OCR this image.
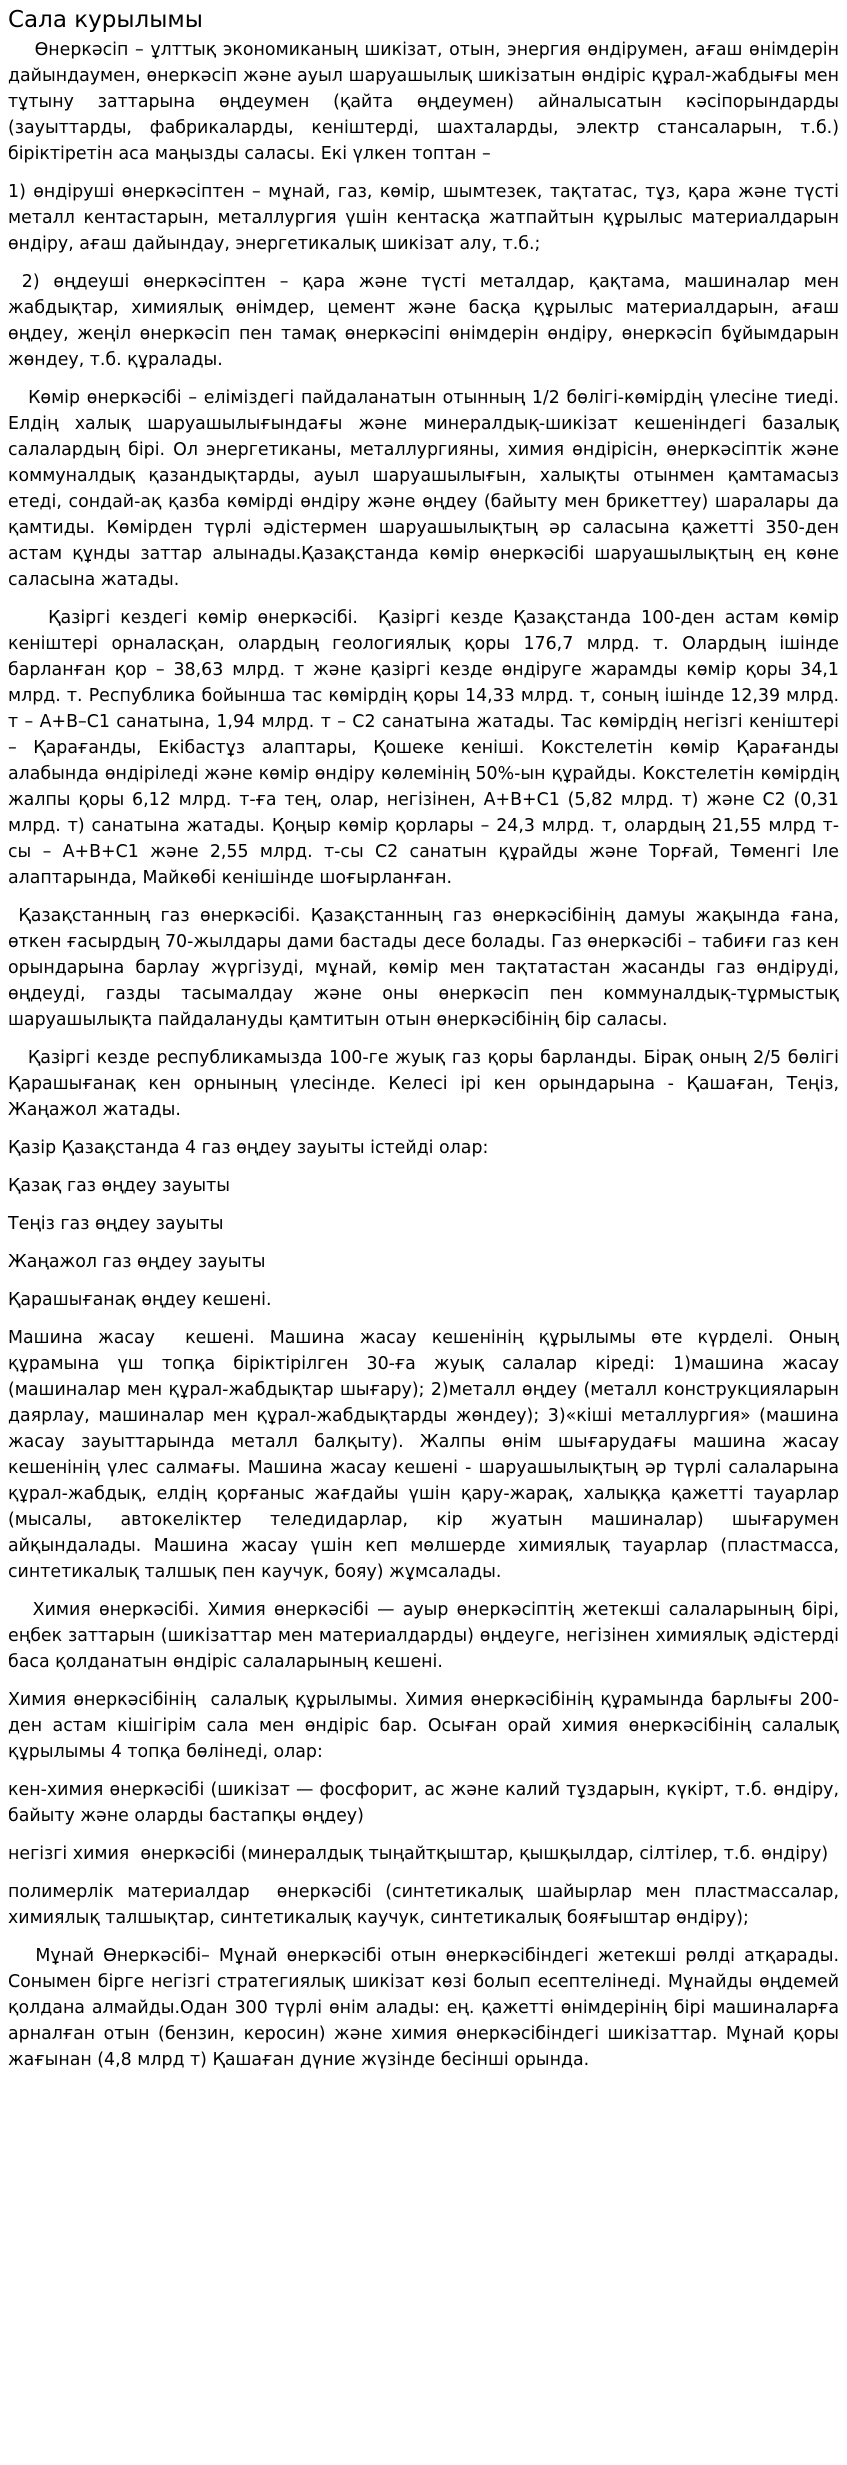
Сала курылымы

Өнеркәсіп – ұлттық экономиканың шикізат, отын, энергия өндірумен, ағаш өнімдерін дайындаумен, өнеркәсіп және ауыл шаруашылық шикізатын өндіріс құрал-жабдығы мен тұтыну заттарына өңдеумен (қайта өңдеумен) айналысатын кәсіпорындарды (зауыттарды, фабрикаларды, кеніштерді, шахталарды, электр стансаларын, т.б.) біріктіретін аса маңызды саласы. Екі үлкен топтан –

1) өндіруші өнеркәсіптен – мұнай, газ, көмір, шымтезек, тақтатас, тұз, қара және түсті металл кентастарын, металлургия үшін кентасқа жатпайтын құрылыс материалдарын өндіру, ағаш дайындау, энергетикалық шикізат алу, т.б.;

2) өңдеуші өнеркәсіптен – қара және түсті металдар, қақтама, машиналар мен жабдықтар, химиялық өнімдер, цемент және басқа құрылыс материалдарын, ағаш өңдеу, жеңіл өнеркәсіп пен тамақ өнеркәсіпі өнімдерін өндіру, өнеркәсіп бұйымдарын жөндеу, т.б. құралады.

Көмір өнеркәсібі – еліміздегі пайдаланатын отынның 1/2 бөлігі-көмірдің үлесіне тиеді. Елдің халық шаруашылығындағы және минералдық-шикізат кешеніндегі базалық салалардың бірі. Ол энергетиканы, металлургияны, химия өндірісін, өнеркәсіптік және коммуналдық қазандықтарды, ауыл шаруашылығын, халықты отынмен қамтамасыз етеді, сондай-ақ қазба көмірді өндіру және өңдеу (байыту мен брикеттеу) шаралары да қамтиды. Көмірден түрлі әдістермен шаруашылықтың әр саласына қажетті 350-ден астам құнды заттар алынады.Қазақстанда көмір өнеркәсібі шаруашылықтың ең көне саласына жатады.

Қазіргі кездегі көмір өнеркәсібі.  Қазіргі кезде Қазақстанда 100-ден астам көмір кеніштері орналасқан, олардың геологиялық қоры 176,7 млрд. т. Олардың ішінде барланған қор – 38,63 млрд. т және қазіргі кезде өндіруге жарамды көмір қоры 34,1 млрд. т. Республика бойынша тас көмірдің қоры 14,33 млрд. т, соның ішінде 12,39 млрд. т – А+В–С1 санатына, 1,94 млрд. т – С2 санатына жатады. Тас көмірдің негізгі кеніштері – Қарағанды, Екібастұз алаптары, Қошеке кеніші. Кокстелетін көмір Қарағанды алабында өндіріледі және көмір өндіру көлемінің 50%-ын құрайды. Кокстелетін көмірдің жалпы қоры 6,12 млрд. т-ға тең, олар, негізінен, А+В+С1 (5,82 млрд. т) және С2 (0,31 млрд. т) санатына жатады. Қоңыр көмір қорлары – 24,3 млрд. т, олардың 21,55 млрд т-сы – А+В+С1 және 2,55 млрд. т-сы С2 санатын құрайды және Торғай, Төменгі Іле алаптарында, Майкөбі кенішінде шоғырланған.

Қазақстанның газ өнеркәсібі. Қазақстанның газ өнеркәсібінің дамуы жақында ғана, өткен ғасырдың 70-жылдары дами бастады десе болады. Газ өнеркәсібі – табиғи газ кен орындарына барлау жүргізуді, мұнай, көмір мен тақтатастан жасанды газ өндіруді, өңдеуді, газды тасымалдау және оны өнеркәсіп пен коммуналдық-тұрмыстық шаруашылықта пайдалануды қамтитын отын өнеркәсібінің бір саласы.

Қазіргі кезде республикамызда 100-ге жуық газ қоры барланды. Бірақ оның 2/5 бөлігі Қарашығанақ кен орнының үлесінде. Келесі ірі кен орындарына - Қашаған, Теңіз, Жаңажол жатады.

Қазір Қазақстанда 4 газ өңдеу зауыты істейді олар:

Қазақ газ өңдеу зауыты

Теңіз газ өңдеу зауыты

Жаңажол газ өңдеу зауыты

Қарашығанақ өңдеу кешені.

Машина жасау  кешені. Машина жасау кешенінің құрылымы өте күрделі. Оның құрамына үш топқа біріктірілген 30-ға жуық салалар кіреді: 1)машина жасау (машиналар мен құрал-жабдықтар шығару); 2)металл өңдеу (металл конструкцияларын даярлау, машиналар мен құрал-жабдықтарды жөндеу); 3)«кіші металлургия» (машина жасау зауыттарында металл балқыту). Жалпы өнім шығарудағы машина жасау кешенінің үлес салмағы. Машина жасау кешені - шаруашылықтың әр түрлі салаларына құрал-жабдық, елдің қорғаныс жағдайы үшін қару-жарақ, халыққа қажетті тауарлар (мысалы, автокеліктер теледидарлар, кір жуатын машиналар) шығарумен айқындалады. Машина жасау үшін кеп мөлшерде химиялық тауарлар (пластмасса, синтетикалық талшық пен каучук, бояу) жұмсалады.

Химия өнеркәсібі. Химия өнеркәсібі — ауыр өнеркәсіптің жетекші салаларының бірі, еңбек заттарын (шикізаттар мен материалдарды) өңдеуге, негізінен химиялық әдістерді баса қолданатын өндіріс салаларының кешені.

Химия өнеркәсібінің  салалық құрылымы. Химия өнеркәсібінің құрамында барлығы 200-ден астам кішігірім сала мен өндіріс бар. Осыған орай химия өнеркәсібінің салалық құрылымы 4 топқа бөлінеді, олар:

кен-химия өнеркәсібі (шикізат — фосфорит, ас және калий тұздарын, күкірт, т.б. өндіру, байыту және оларды бастапқы өңдеу)

негізгі химия  өнеркәсібі (минералдық тыңайтқыштар, қышқылдар, сілтілер, т.б. өндіру)

полимерлік материалдар  өнеркәсібі (синтетикалық шайырлар мен пластмассалар, химиялық талшықтар, синтетикалық каучук, синтетикалық бояғыштар өндіру);

Мұнай Өнеркәсібі– Мұнай өнеркәсібі отын өнеркәсібіндегі жетекші рөлді атқарады. Сонымен бірге негізгі стратегиялық шикізат көзі болып есептелінеді. Мұнайды өңдемей қолдана алмайды.Одан 300 түрлі өнім алады: ең. қажетті өнімдерінің бірі машиналарға арналған отын (бензин, керосин) және химия өнеркәсібіндегі шикізаттар. Мұнай қоры жағынан (4,8 млрд т) Қашаған дүние жүзінде бесінші орында.
